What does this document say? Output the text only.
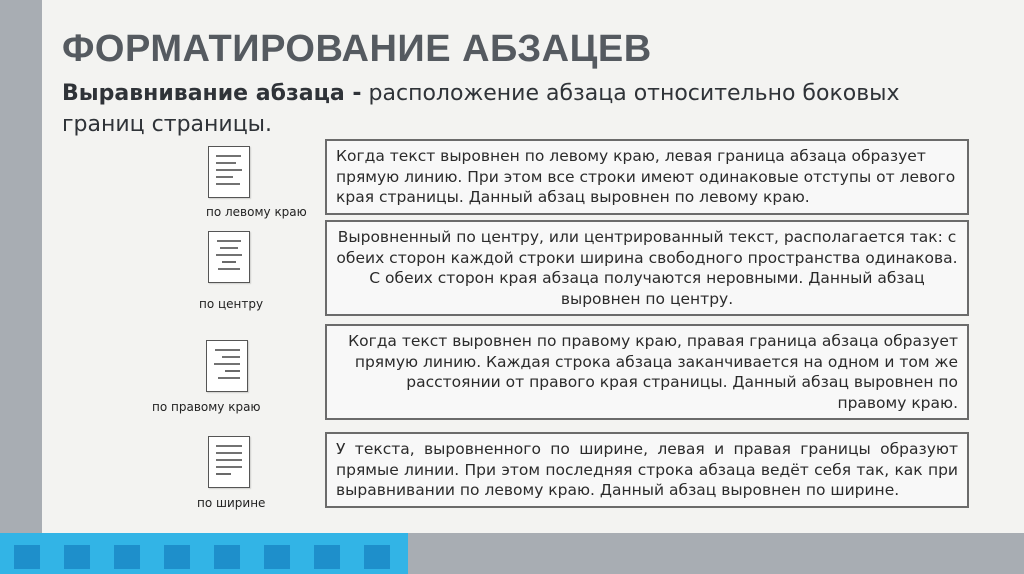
ФОРМАТИРОВАНИЕ АБЗАЦЕВ

Выравнивание абзаца - расположение абзаца относительно боковых границ страницы.

по левому краю
по центру
по правому краю
по ширине
Когда текст выровнен по левому краю, левая граница абзаца образует прямую линию. При этом все строки имеют одинаковые отступы от левого края страницы. Данный абзац выровнен по левому краю.
Выровненный по центру, или центрированный текст, располагается так: с обеих сторон каждой строки ширина свободного пространства одинакова. С обеих сторон края абзаца получаются неровными. Данный абзац выровнен по центру.
Когда текст выровнен по правому краю, правая граница абзаца образует прямую линию. Каждая строка абзаца заканчивается на одном и том же расстоянии от правого края страницы. Данный абзац выровнен по правому краю.
У текста, выровненного по ширине, левая и правая границы образуют прямые линии. При этом последняя строка абзаца ведёт себя так, как при выравнивании по левому краю. Данный абзац выровнен по ширине.
